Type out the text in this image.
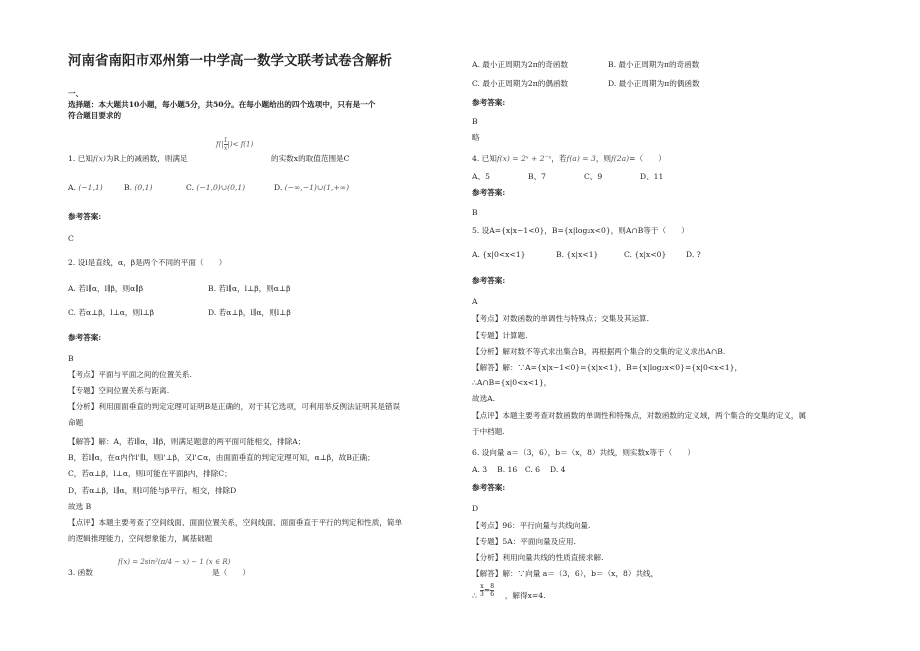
河南省南阳市邓州第一中学高一数学文联考试卷含解析
一、
选择题：本大题共10小题，每小题5分，共50分。在每小题给出的四个选项中，只有是一个
符合题目要求的
1. 已知f(x)为R上的减函数，则满足
$f(| \frac{1}{x}$ |)< f(1)
的实数x的取值范围是C
A. (−1,1)	B. (0,1)	C. (−1,0)∪(0,1)	D. (−∞,−1)∪(1,+∞)
参考答案:
C
2. 设l是直线，α，β是两个不同的平面（　　）
A. 若l∥α，l∥β，则α∥β	B. 若l∥α，l⊥β，则α⊥β
C. 若α⊥β，l⊥α，则l⊥β	D. 若α⊥β，l∥α，则l⊥β
参考答案:
B
【考点】平面与平面之间的位置关系.
【专题】空间位置关系与距离.
【分析】利用面面垂直的判定定理可证明B是正确的，对于其它选项，可利用举反例法证明其是错误
命题
【解答】解：A，若l∥α，l∥β，则满足题意的两平面可能相交，排除A；
B，若l∥α，在α内作l'∥l，则l'⊥β，又l'⊂α，由面面垂直的判定定理可知，α⊥β，故B正确；
C，若α⊥β，l⊥α，则l可能在平面β内，排除C；
D，若α⊥β，l∥α，则l可能与β平行，相交，排除D
故选 B
【点评】本题主要考查了空间线面、面面位置关系，空间线面、面面垂直于平行的判定和性质，简单
的逻辑推理能力，空间想象能力，属基础题
3. 函数
f(x) = 2sin²(π/4 − x) − 1 (x ∈ R)
是（　　）
A. 最小正周期为2π的奇函数	B. 最小正周期为π的奇函数
C. 最小正周期为2π的偶函数	D. 最小正周期为π的偶函数
参考答案:
B
略
4. 已知f(x) = 2ˣ + 2⁻ˣ，若f(a) = 3，则f(2a)=（　　）
A、5	B、7	C、9	D、11
参考答案:
B
5. 设A={x|x−1<0}，B={x|log₂x<0}，则A∩B等于（　　）
A. {x|0<x<1}	B. {x|x<1}	C. {x|x<0}	D. ?
参考答案:
A
【考点】对数函数的单调性与特殊点；交集及其运算.
【专题】计算题.
【分析】解对数不等式求出集合B，再根据两个集合的交集的定义求出A∩B.
【解答】解：∵A={x|x−1<0}={x|x<1}，B={x|log₂x<0}={x|0<x<1}，
∴A∩B={x|0<x<1}，
故选A.
【点评】本题主要考查对数函数的单调性和特殊点，对数函数的定义域，两个集合的交集的定义，属
于中档题.
6. 设向量 a＝（3，6），b＝（x，8）共线，则实数x等于（　　）
A. 3　 B. 16　C. 6　 D. 4
参考答案:
D
【考点】96：平行向量与共线向量.
【专题】5A：平面向量及应用.
【分析】利用向量共线的性质直接求解.
【解答】解：∵向量 a＝（3，6），b＝（x，8）共线，
$\frac{x}{3} = \frac{8}{6}$
∴	，解得x=4.
